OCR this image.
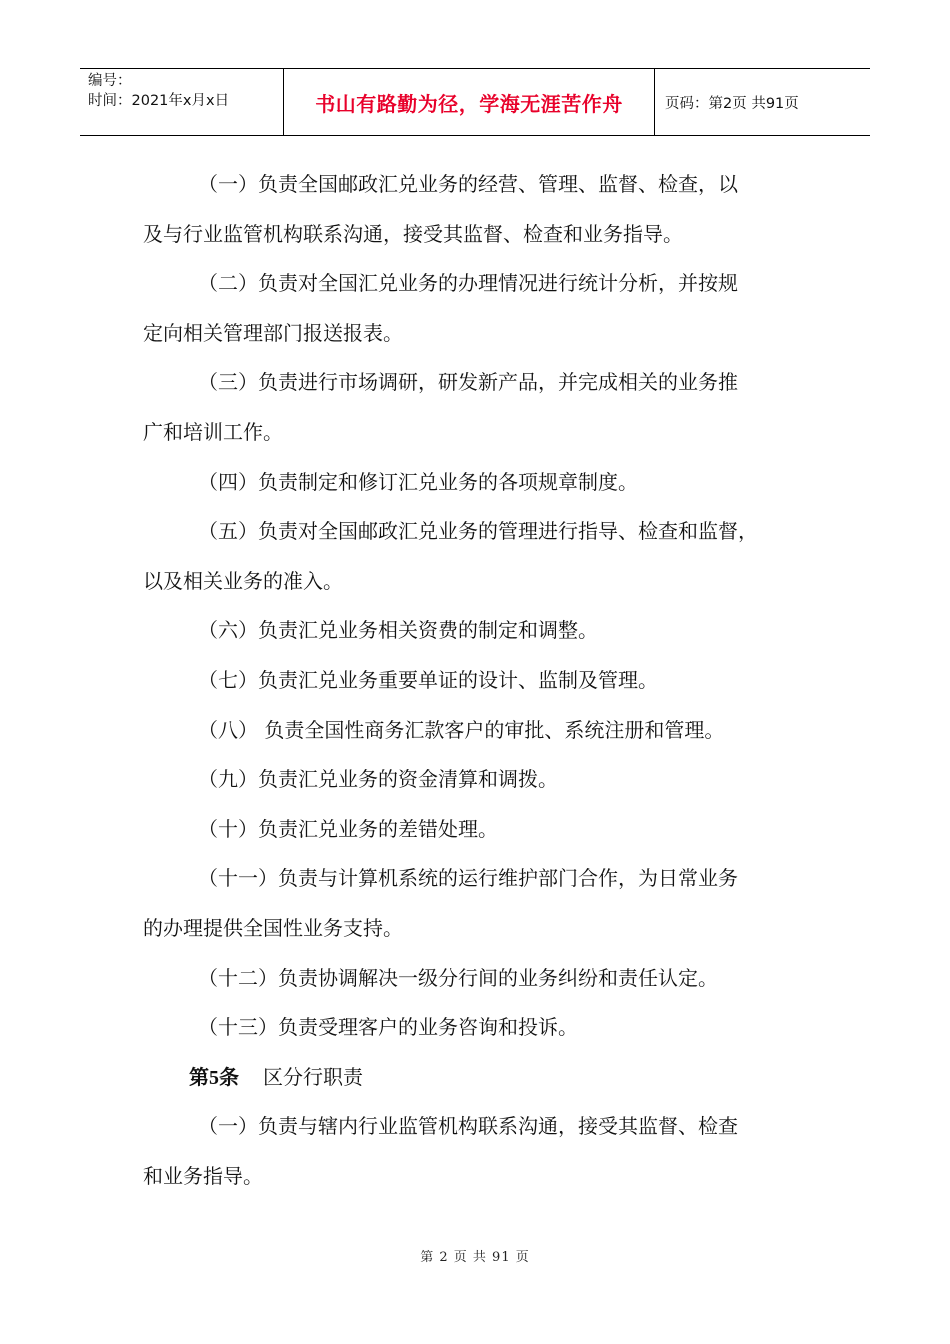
编号：
时间：2021年x月x日	书山有路勤为径，学海无涯苦作舟	页码：第2页 共91页
（一）负责全国邮政汇兑业务的经营、管理、监督、检查，以
及与行业监管机构联系沟通，接受其监督、检查和业务指导。
（二）负责对全国汇兑业务的办理情况进行统计分析，并按规
定向相关管理部门报送报表。
（三）负责进行市场调研，研发新产品，并完成相关的业务推
广和培训工作。
（四）负责制定和修订汇兑业务的各项规章制度。
（五）负责对全国邮政汇兑业务的管理进行指导、检查和监督，
以及相关业务的准入。
（六）负责汇兑业务相关资费的制定和调整。
（七）负责汇兑业务重要单证的设计、监制及管理。
（八） 负责全国性商务汇款客户的审批、系统注册和管理。
（九）负责汇兑业务的资金清算和调拨。
（十）负责汇兑业务的差错处理。
（十一）负责与计算机系统的运行维护部门合作，为日常业务
的办理提供全国性业务支持。
（十二）负责协调解决一级分行间的业务纠纷和责任认定。
（十三）负责受理客户的业务咨询和投诉。
第5条 区分行职责
（一）负责与辖内行业监管机构联系沟通，接受其监督、检查
和业务指导。
第 2 页 共 91 页
